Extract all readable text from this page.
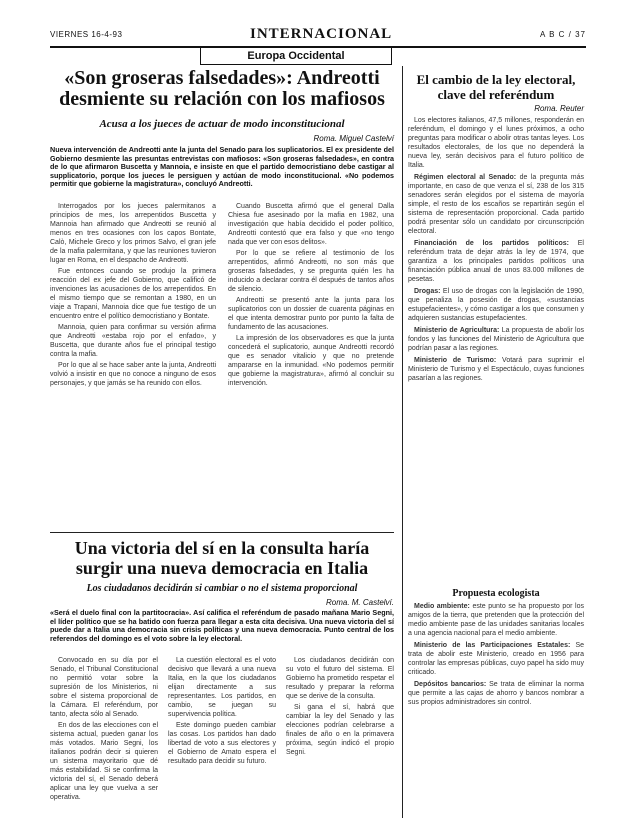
VIERNES 16-4-93	INTERNACIONAL	A B C / 37
Europa Occidental
«Son groseras falsedades»: Andreotti desmiente su relación con los mafiosos
Acusa a los jueces de actuar de modo inconstitucional
Roma. Miguel Castelví
Nueva intervención de Andreotti ante la junta del Senado para los suplicatorios. El ex presidente del Gobierno desmiente las presuntas entrevistas con mafiosos: «Son groseras falsedades», en contra de lo que afirmaron Buscetta y Mannoia, e insiste en que el partido democristiano debe castigar al supplicatorio, porque los jueces le persiguen y actúan de modo inconstitucional. «No podemos permitir que gobierne la magistratura», concluyó Andreotti.

Interrogados por los jueces palermitanos a principios de mes, los arrepentidos Buscetta y Mannoia han afirmado que Andreotti se reunió al menos en tres ocasiones con los capos Bontate, Calò, Michele Greco y los primos Salvo, el gran jefe de la mafia palermitana, y que las reuniones tuvieron lugar en Roma, en el despacho de Andreotti.

Fue entonces cuando se produjo la primera reacción del ex jefe del Gobierno, que calificó de invenciones las acusaciones de los arrepentidos. En el mismo tiempo que se remontan a 1980, en un viaje a Trapani, Mannoia dice que fue testigo de un encuentro entre el político democristiano y Bontate.

Mannoia, quien para confirmar su versión afirma que Andreotti «estaba rojo por el enfado», y Buscetta, que durante años fue el principal testigo contra la mafia.

Por lo que al se hace saber ante la junta, Andreotti volvió a insistir en que no conoce a ninguno de esos personajes, y que jamás se ha reunido con ellos.

Cuando Buscetta afirmó que el general Dalla Chiesa fue asesinado por la mafia en 1982, una investigación que había decidido el poder político, Andreotti contestó que era falso y que «no tengo nada que ver con esos delitos».

Por lo que se refiere al testimonio de los arrepentidos, afirmó Andreotti, no son más que groseras falsedades, y se pregunta quién les ha inducido a declarar contra él después de tantos años de silencio.

Andreotti se presentó ante la junta para los suplicatorios con un dossier de cuarenta páginas en el que intenta demostrar punto por punto la falta de fundamento de las acusaciones.

La impresión de los observadores es que la junta concederá el suplicatorio, aunque Andreotti recordó que es senador vitalicio y que no pretende ampararse en la inmunidad. «No podemos permitir que gobierne la magistratura», afirmó al concluir su intervención.

Una victoria del sí en la consulta haría surgir una nueva democracia en Italia
Los ciudadanos decidirán si cambiar o no el sistema proporcional
Roma. M. Castelví.
«Será el duelo final con la partitocracia». Así califica el referéndum de pasado mañana Mario Segni, el líder político que se ha batido con fuerza para llegar a esta cita decisiva. Una nueva victoria del sí puede dar a Italia una democracia sin crisis políticas y una nueva democracia. Punto central de los referendos del domingo es el voto sobre la ley electoral.

Convocado en su día por el Senado, el Tribunal Constitucional no permitió votar sobre la supresión de los Ministerios, ni sobre el sistema proporcional de la Cámara. El referéndum, por tanto, afecta sólo al Senado.

En dos de las elecciones con el sistema actual, pueden ganar los más votados. Mario Segni, los italianos podrán decir si quieren un sistema mayoritario que dé más estabilidad. Si se confirma la victoria del sí, el Senado deberá aplicar una ley que vuelva a ser operativa.

La cuestión electoral es el voto decisivo que llevará a una nueva Italia, en la que los ciudadanos elijan directamente a sus representantes. Los partidos, en cambio, se juegan su supervivencia política.

Este domingo pueden cambiar las cosas. Los partidos han dado libertad de voto a sus electores y el Gobierno de Amato espera el resultado para decidir su futuro.

Los ciudadanos decidirán con su voto el futuro del sistema. El Gobierno ha prometido respetar el resultado y preparar la reforma que se derive de la consulta.

Si gana el sí, habrá que cambiar la ley del Senado y las elecciones podrían celebrarse a finales de año o en la primavera próxima, según indicó el propio Segni.

El cambio de la ley electoral, clave del referéndum
Roma. Reuter

Los electores italianos, 47,5 millones, responderán en referéndum, el domingo y el lunes próximos, a ocho preguntas para modificar o abolir otras tantas leyes. Los resultados electorales, de los que no dependerá la nueva ley, serán decisivos para el futuro político de Italia.

Régimen electoral al Senado: de la pregunta más importante, en caso de que venza el sí, 238 de los 315 senadores serán elegidos por el sistema de mayoría simple, el resto de los escaños se repartirán según el sistema de representación proporcional. Cada partido podrá presentar sólo un candidato por circunscripción electoral.

Financiación de los partidos políticos: El referéndum trata de dejar atrás la ley de 1974, que garantiza a los principales partidos políticos una financiación pública anual de unos 83.000 millones de pesetas.

Drogas: El uso de drogas con la legislación de 1990, que penaliza la posesión de drogas, «sustancias estupefacientes», y cómo castigar a los que consumen y adquieren sustancias estupefacientes.

Ministerio de Agricultura: La propuesta de abolir los fondos y las funciones del Ministerio de Agricultura que podrían pasar a las regiones.

Ministerio de Turismo: Votará para suprimir el Ministerio de Turismo y el Espectáculo, cuyas funciones pasarían a las regiones.

Propuesta ecologista

Medio ambiente: este punto se ha propuesto por los amigos de la tierra, que pretenden que la protección del medio ambiente pase de las unidades sanitarias locales a una agencia nacional para el medio ambiente.

Ministerio de las Participaciones Estatales: Se trata de abolir este Ministerio, creado en 1956 para controlar las empresas públicas, cuyo papel ha sido muy criticado.

Depósitos bancarios: Se trata de eliminar la norma que permite a las cajas de ahorro y bancos nombrar a sus propios administradores sin control.
